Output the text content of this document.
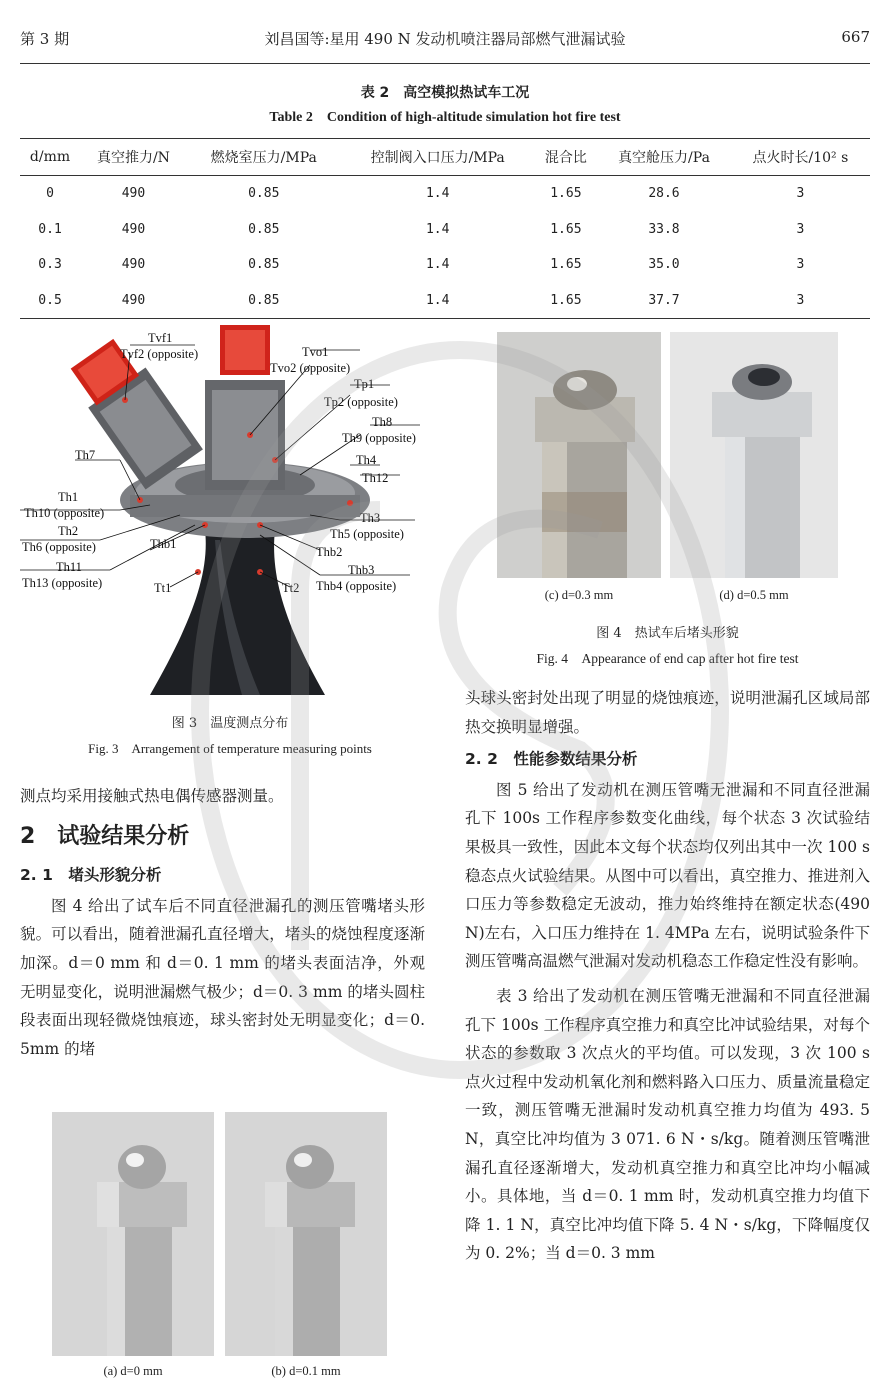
第 3 期	刘昌国等:星用 490 N 发动机喷注器局部燃气泄漏试验	667
表 2　高空模拟热试车工况
Table 2　Condition of high-altitude simulation hot fire test
d/mm	真空推力/N	燃烧室压力/MPa	控制阀入口压力/MPa	混合比	真空舱压力/Pa	点火时长/10² s
0	490	0.85	1.4	1.65	28.6	3
0.1	490	0.85	1.4	1.65	33.8	3
0.3	490	0.85	1.4	1.65	35.0	3
0.5	490	0.85	1.4	1.65	37.7	3
Tvf1
Tvf2 (opposite)	Tvo1
Tvo2 (opposite)
Tp1
Tp2 (opposite)
Th8
Th9 (opposite)
Th7	Th4
Th12
Th1
Th10 (opposite)
Th2
Th6 (opposite)
Th3
Th5 (opposite)
Thb1
Thb2
Th11
Th13 (opposite)
Thb3
Thb4 (opposite)
Tt1	Tt2
图 3　温度测点分布
Fig. 3　Arrangement of temperature measuring points
(c) d=0.3 mm	(d) d=0.5 mm
图 4　热试车后堵头形貌
Fig. 4　Appearance of end cap after hot fire test

测点均采用接触式热电偶传感器测量。

2　试验结果分析
2. 1　堵头形貌分析

图 4 给出了试车后不同直径泄漏孔的测压管嘴堵头形貌。可以看出，随着泄漏孔直径增大，堵头的烧蚀程度逐渐加深。d＝0 mm 和 d＝0. 1 mm 的堵头表面洁净，外观无明显变化，说明泄漏燃气极少；d＝0. 3 mm 的堵头圆柱段表面出现轻微烧蚀痕迹，球头密封处无明显变化；d＝0. 5mm 的堵

(a) d=0 mm	(b) d=0.1 mm

头球头密封处出现了明显的烧蚀痕迹，说明泄漏孔区域局部热交换明显增强。

2. 2　性能参数结果分析

图 5 给出了发动机在测压管嘴无泄漏和不同直径泄漏孔下 100s 工作程序参数变化曲线，每个状态 3 次试验结果极具一致性，因此本文每个状态均仅列出其中一次 100 s 稳态点火试验结果。从图中可以看出，真空推力、推进剂入口压力等参数稳定无波动，推力始终维持在额定状态(490 N)左右，入口压力维持在 1. 4MPa 左右，说明试验条件下测压管嘴高温燃气泄漏对发动机稳态工作稳定性没有影响。

表 3 给出了发动机在测压管嘴无泄漏和不同直径泄漏孔下 100s 工作程序真空推力和真空比冲试验结果，对每个状态的参数取 3 次点火的平均值。可以发现，3 次 100 s 点火过程中发动机氧化剂和燃料路入口压力、质量流量稳定一致，测压管嘴无泄漏时发动机真空推力均值为 493. 5 N，真空比冲均值为 3 071. 6 N・s/kg。随着测压管嘴泄漏孔直径逐渐增大，发动机真空推力和真空比冲均小幅减小。具体地，当 d＝0. 1 mm 时，发动机真空推力均值下降 1. 1 N，真空比冲均值下降 5. 4 N・s/kg，下降幅度仅为 0. 2%；当 d＝0. 3 mm
